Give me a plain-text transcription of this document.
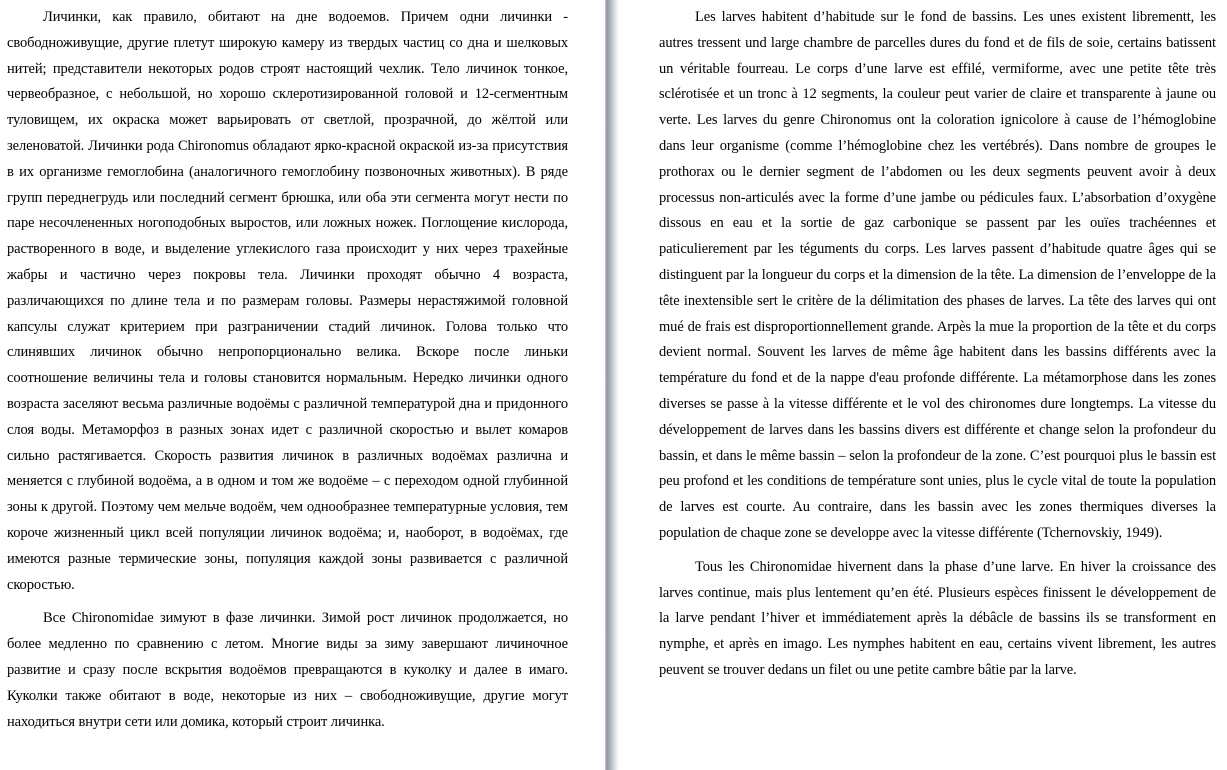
Личинки, как правило, обитают на дне водоемов. Причем одни личинки - свободноживущие, другие плетут широкую камеру из твердых частиц со дна и шелковых нитей; представители некоторых родов строят настоящий чехлик. Тело личинок тонкое, червеобразное, с небольшой, но хорошо склеротизированной головой и 12-сегментным туловищем, их окраска может варьировать от светлой, прозрачной, до жёлтой или зеленоватой. Личинки рода Chironomus обладают ярко-красной окраской из-за присутствия в их организме гемоглобина (аналогичного гемоглобину позвоночных животных). В ряде групп переднегрудь или последний сегмент брюшка, или оба эти сегмента могут нести по паре несочлененных ногоподобных выростов, или ложных ножек. Поглощение кислорода, растворенного в воде, и выделение углекислого газа происходит у них через трахейные жабры и частично через покровы тела. Личинки проходят обычно 4 возраста, различающихся по длине тела и по размерам головы. Размеры нерастяжимой головной капсулы служат критерием при разграничении стадий личинок. Голова только что слинявших личинок обычно непропорционально велика. Вскоре после линьки соотношение величины тела и головы становится нормальным. Нередко личинки одного возраста заселяют весьма различные водоёмы с различной температурой дна и придонного слоя воды. Метаморфоз в разных зонах идет с различной скоростью и вылет комаров сильно растягивается. Скорость развития личинок в различных водоёмах различна и меняется с глубиной водоёма, а в одном и том же водоёме – с переходом одной глубинной зоны к другой. Поэтому чем мельче водоём, чем однообразнее температурные условия, тем короче жизненный цикл всей популяции личинок водоёма; и, наоборот, в водоёмах, где имеются разные термические зоны, популяция каждой зоны развивается с различной скоростью.

Все Chironomidae зимуют в фазе личинки. Зимой рост личинок продолжается, но более медленно по сравнению с летом. Многие виды за зиму завершают личиночное развитие и сразу после вскрытия водоёмов превращаются в куколку и далее в имаго. Куколки также обитают в воде, некоторые из них – свободноживущие, другие могут находиться внутри сети или домика, который строит личинка.

Les larves habitent d’habitude sur le fond de bassins. Les unes existent librementt, les autres tressent und large chambre de parcelles dures du fond et de fils de soie, certains batissent un véritable fourreau. Le corps d’une larve est effilé, vermiforme, avec une petite tête très sclérotisée et un tronc à 12 segments, la couleur peut varier de claire et transparente à jaune ou verte. Les larves du genre Chironomus ont la coloration ignicolore à cause de l’hémoglobine dans leur organisme (comme l’hémoglobine chez les vertébrés). Dans nombre de groupes le prothorax ou le dernier segment de l’abdomen ou les deux segments peuvent avoir à deux processus non-articulés avec la forme d’une jambe ou pédicules faux. L’absorbation d’oxygène dissous en eau et la sortie de gaz carbonique se passent par les ouïes trachéennes et paticulierement par les téguments du corps. Les larves passent d’habitude quatre âges qui se distinguent par la longueur du corps et la dimension de la tête. La dimension de l’enveloppe de la tête inextensible sert le critère de la délimitation des phases de larves. La tête des larves qui ont mué de frais est disproportionnellement grande. Arpès la mue la proportion de la tête et du corps devient normal. Souvent les larves de même âge habitent dans les bassins différents avec la température du fond et de la nappe d'eau profonde différente. La métamorphose dans les zones diverses se passe à la vitesse différente et le vol des chironomes dure longtemps. La vitesse du développement de larves dans les bassins divers est différente et change selon la profondeur du bassin, et dans le même bassin – selon la profondeur de la zone. C’est pourquoi plus le bassin est peu profond et les conditions de température sont unies, plus le cycle vital de toute la population de larves est courte. Au contraire, dans les bassin avec les zones thermiques diverses la population de chaque zone se developpe avec la vitesse différente (Tchernovskiy, 1949).

Tous les Chironomidae hivernent dans la phase d’une larve. En hiver la croissance des larves continue, mais plus lentement qu’en été. Plusieurs espèces finissent le développement de la larve pendant l’hiver et immédiatement après la débâcle de bassins ils se transforment en nymphe, et après en imago. Les nymphes habitent en eau, certains vivent librement, les autres peuvent se trouver dedans un filet ou une petite cambre bâtie par la larve.
